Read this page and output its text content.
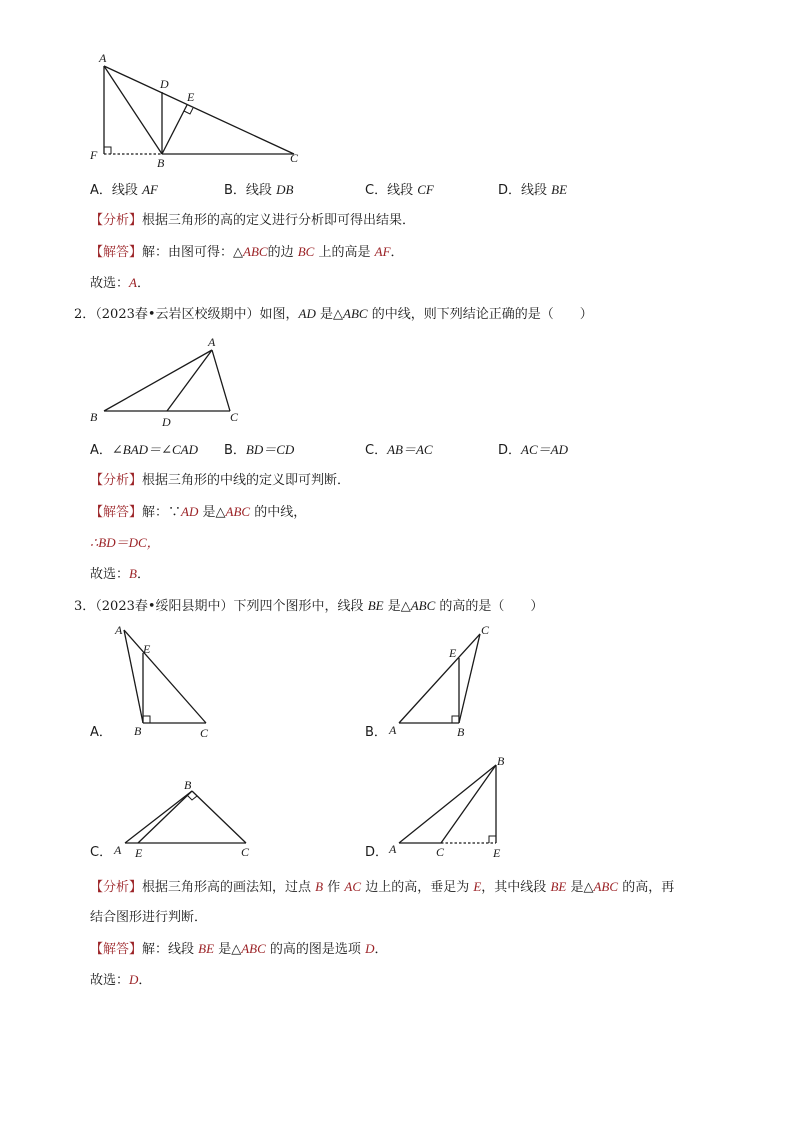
A
D
E
F
B	C
A．线段 AF	B．线段 DB	C．线段 CF	D．线段 BE
【分析】根据三角形的高的定义进行分析即可得出结果．
【解答】解：由图可得：△ABC的边 BC 上的高是 AF．
故选：A．
2．（2023春•云岩区校级期中）如图，AD 是△ABC 的中线，则下列结论正确的是（　　）
A
B	D	C
A．∠BAD＝∠CAD B．BD＝CD	C．AB＝AC	D．AC＝AD
【分析】根据三角形的中线的定义即可判断．
【解答】解：∵AD 是△ABC 的中线，
∴BD＝DC，
故选：B．
3．（2023春•绥阳县期中）下列四个图形中，线段 BE 是△ABC 的高的是（　　）
A．
A
E
B	C	B．
C
E
A	B
C．
B
A E	C	D．
B
A	C	E
【分析】根据三角形高的画法知，过点 B 作 AC 边上的高，垂足为 E，其中线段 BE 是△ABC 的高，再
结合图形进行判断．
【解答】解：线段 BE 是△ABC 的高的图是选项 D．
故选：D．
